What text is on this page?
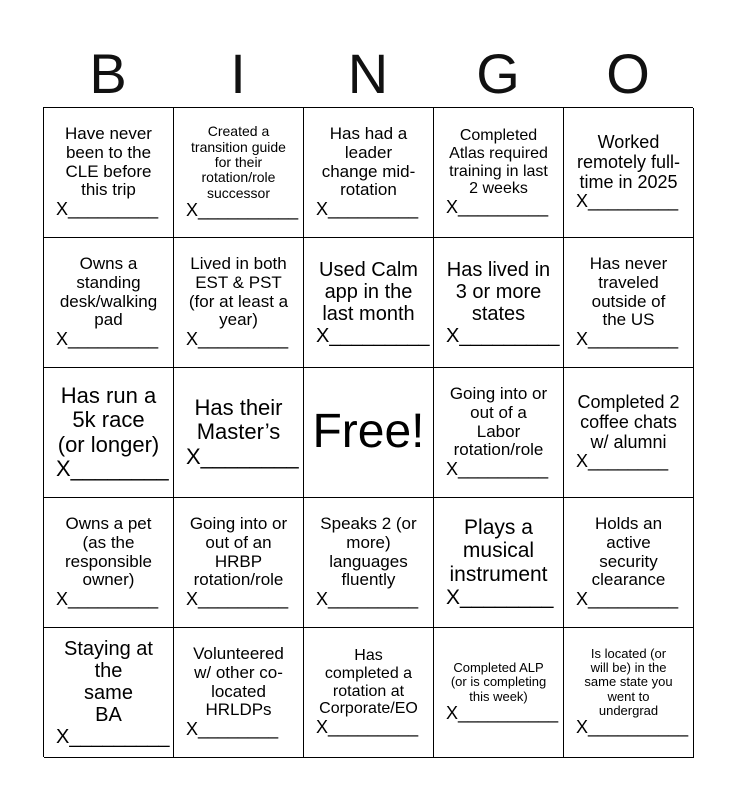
B	I	N	G	O
Have never
been to the
CLE before
this trip
X_________
Created a
transition guide
for their
rotation/role
successor
X__________
Has had a
leader
change mid-
rotation
X_________
Completed
Atlas required
training in last
2 weeks
X_________
Worked
remotely full-
time in 2025
X_________
Owns a
standing
desk/walking
pad
X_________
Lived in both
EST & PST
(for at least a
year)
X_________
Used Calm
app in the
last month
X_________
Has lived in
3 or more
states
X_________
Has never
traveled
outside of
the US
X_________
Has run a
5k race
(or longer)
X________
Has their
Master’s
X________ Free!
Going into or
out of a
Labor
rotation/role
X_________
Completed 2
coffee chats
w/ alumni
X________
Owns a pet
(as the
responsible
owner)
X_________
Going into or
out of an
HRBP
rotation/role
X_________
Speaks 2 (or
more)
languages
fluently
X_________
Plays a
musical
instrument
X________
Holds an
active
security
clearance
X_________
Staying at the
same
BA
X_________
Volunteered
w/ other co-
located
HRLDPs
X________
Has
completed a
rotation at
Corporate/EO
X_________
Completed ALP
(or is completing
this week)
X__________
Is located (or
will be) in the
same state you
went to
undergrad
X__________
